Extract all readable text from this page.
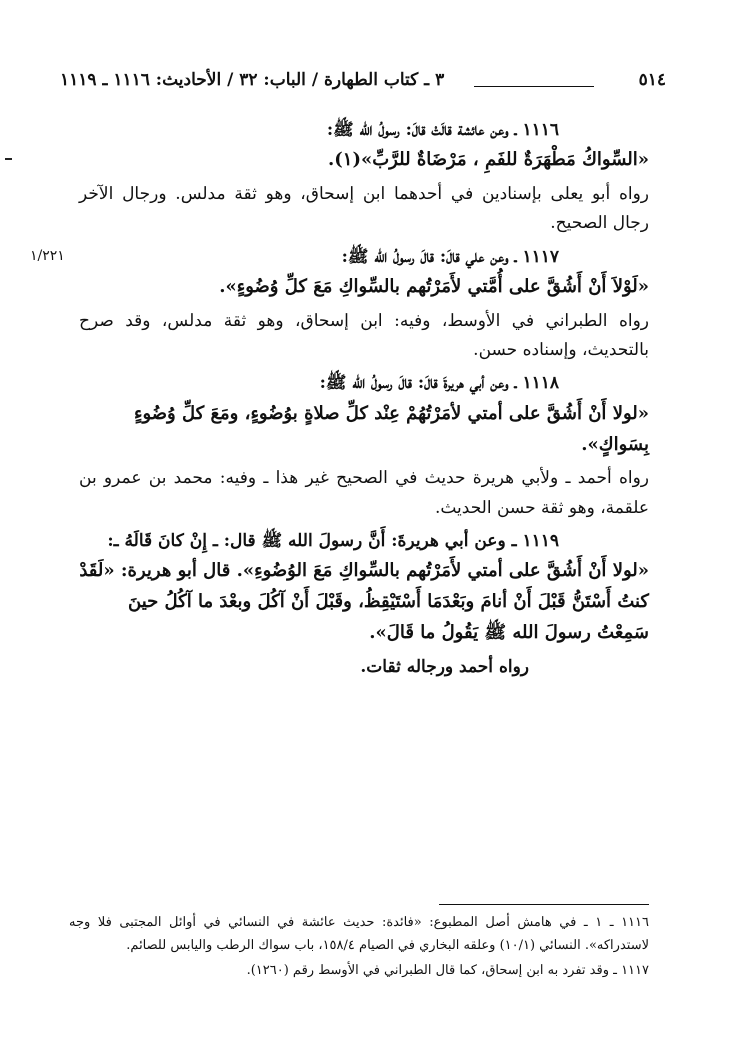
٥١٤
٣ ـ كتاب الطهارة / الباب: ٣٢ / الأحاديث: ١١١٦ ـ ١١١٩
١/٢٢١

١١١٦ ـ وعن عائشة قالَتْ قالَ: رسولُ الله ﷺ:

«السِّواكُ مَطْهَرَةٌ للفَمِ ، مَرْضَاةٌ للرَّبِّ»(١).

رواه أبو يعلى بإسنادين في أحدهما ابن إسحاق، وهو ثقة مدلس. ورجال الآخر رجال الصحيح.

١١١٧ ـ وعن علي قالَ: قالَ رسولُ الله ﷺ:

«لَوْلاَ أَنْ أَشُقَّ على أُمَّتي لأَمَرْتُهم بالسِّواكِ مَعَ كلِّ وُضُوءٍ».

رواه الطبراني في الأوسط، وفيه: ابن إسحاق، وهو ثقة مدلس، وقد صرح بالتحديث، وإسناده حسن.

١١١٨ ـ وعن أبي هريرةَ قالَ: قالَ رسولُ الله ﷺ:

«لولا أَنْ أَشُقَّ على أمتي لأمَرْتُهُمْ عِنْد كلِّ صلاةٍ بوُضُوءٍ، ومَعَ كلِّ وُضُوءٍ بِسَواكٍ».

رواه أحمد ـ ولأبي هريرة حديث في الصحيح غير هذا ـ وفيه: محمد بن عمرو بن علقمة، وهو ثقة حسن الحديث.

١١١٩ ـ وعن أبي هريرةَ: أَنَّ رسولَ الله ﷺ قال: ـ إِنْ كانَ قَالَهُ ـ:

«لولا أَنْ أَشُقَّ على أمتي لأَمَرْتُهم بالسِّواكِ مَعَ الوُضُوءِ». قال أبو هريرة: «لَقَدْ كنتُ أَسْتَنُّ قَبْلَ أَنْ أنامَ وبَعْدَمَا أَسْتَيْقِظُ، وقَبْلَ أَنْ آكُلَ وبعْدَ ما آكُلُ حينَ سَمِعْتُ رسولَ الله ﷺ يَقُولُ ما قَالَ».

رواه أحمد ورجاله ثقات.

١١١٦ ـ ١ ـ في هامش أصل المطبوع: «فائدة: حديث عائشة في النسائي في أوائل المجتبى فلا وجه لاستدراكه». النسائي (١٠/١) وعلقه البخاري في الصيام ١٥٨/٤، باب سواك الرطب واليابس للصائم.

١١١٧ ـ وقد تفرد به ابن إسحاق، كما قال الطبراني في الأوسط رقم (١٢٦٠).
